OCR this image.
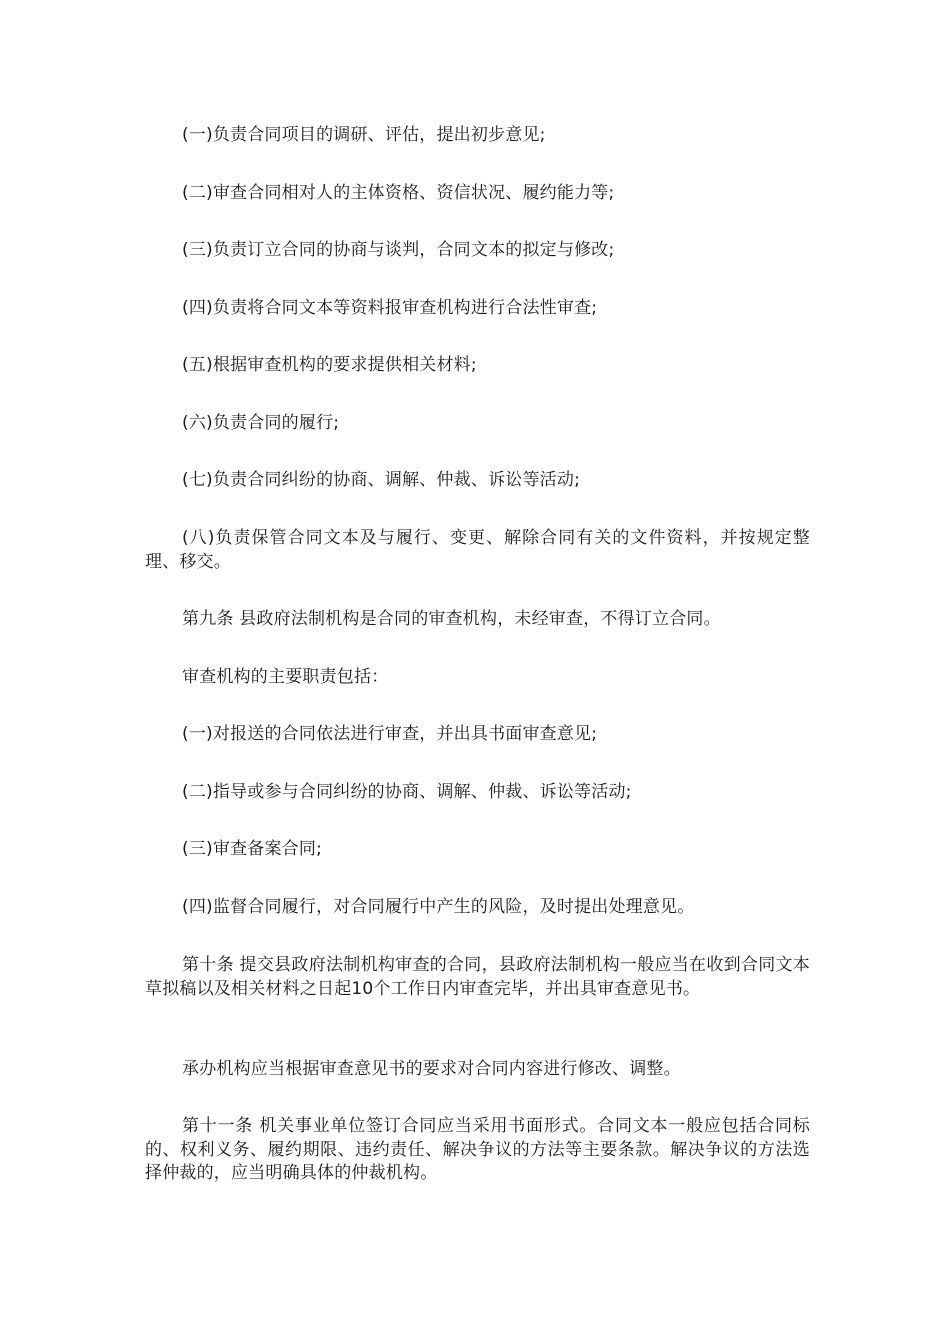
(一)负责合同项目的调研、评估，提出初步意见;

(二)审查合同相对人的主体资格、资信状况、履约能力等;

(三)负责订立合同的协商与谈判，合同文本的拟定与修改;

(四)负责将合同文本等资料报审查机构进行合法性审查;

(五)根据审查机构的要求提供相关材料;

(六)负责合同的履行;

(七)负责合同纠纷的协商、调解、仲裁、诉讼等活动;

(八)负责保管合同文本及与履行、变更、解除合同有关的文件资料，并按规定整理、移交。

第九条 县政府法制机构是合同的审查机构，未经审查，不得订立合同。

审查机构的主要职责包括：

(一)对报送的合同依法进行审查，并出具书面审查意见;

(二)指导或参与合同纠纷的协商、调解、仲裁、诉讼等活动;

(三)审查备案合同;

(四)监督合同履行，对合同履行中产生的风险，及时提出处理意见。

第十条 提交县政府法制机构审查的合同，县政府法制机构一般应当在收到合同文本草拟稿以及相关材料之日起10个工作日内审查完毕，并出具审查意见书。

承办机构应当根据审查意见书的要求对合同内容进行修改、调整。

第十一条 机关事业单位签订合同应当采用书面形式。合同文本一般应包括合同标的、权利义务、履约期限、违约责任、解决争议的方法等主要条款。解决争议的方法选择仲裁的，应当明确具体的仲裁机构。
